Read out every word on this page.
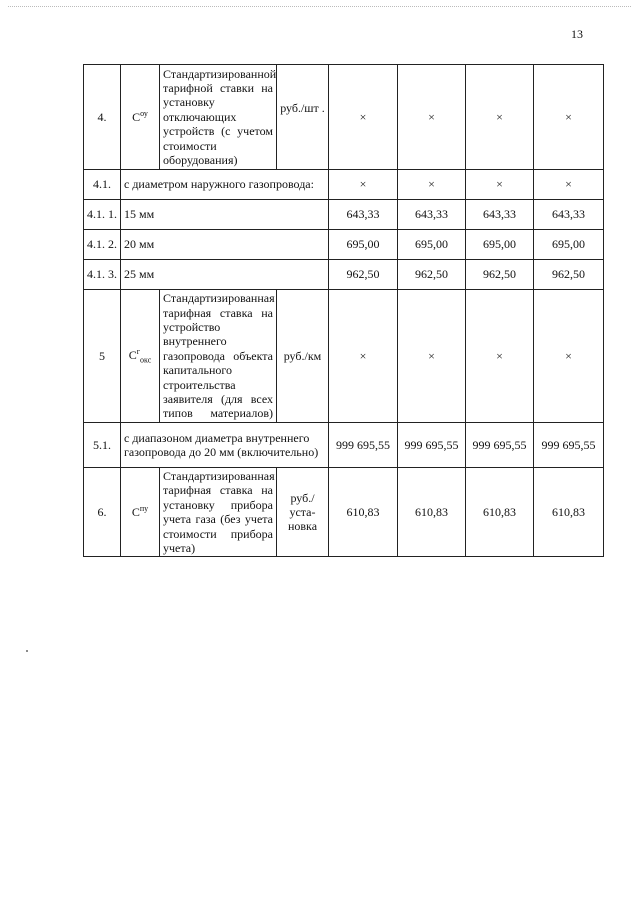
13
4.	$C^{оу}$	Стандартизированной тарифной ставки на установку отключающих устройств (с учетом стоимости оборудования)	руб./шт .	×	×	×	×
4.1.	с диаметром наружного газопровода:			×	×	×	×
4.1. 1.	15 мм			643,33	643,33	643,33	643,33
4.1. 2.	20 мм			695,00	695,00	695,00	695,00
4.1. 3.	25 мм			962,50	962,50	962,50	962,50
5	$C^г_{окс}$	Стандартизированная тарифная ставка на устройство внутреннего газопровода объекта капитального строительства заявителя (для всех типов материалов)	руб./км	×	×	×	×
5.1.	с диапазоном диаметра внутреннего газопровода до 20 мм (включительно)			999 695,55	999 695,55	999 695,55	999 695,55
6.	$C^{пу}$	Стандартизированная тарифная ставка на установку прибора учета газа (без учета стоимости прибора учета)	руб./ уста- новка	610,83	610,83	610,83	610,83
